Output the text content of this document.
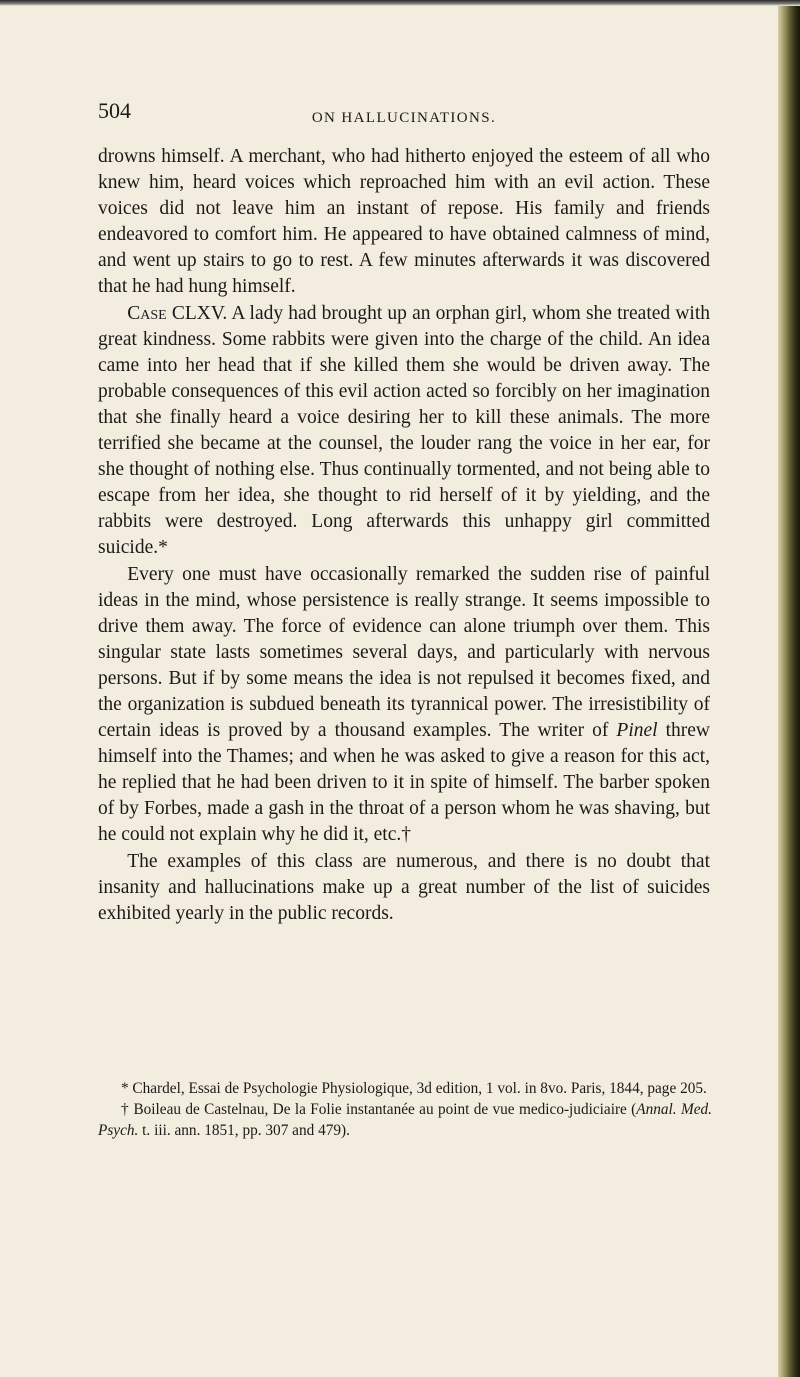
504	ON HALLUCINATIONS.

drowns himself. A merchant, who had hitherto enjoyed the esteem of all who knew him, heard voices which reproached him with an evil action. These voices did not leave him an instant of repose. His family and friends endeavored to comfort him. He appeared to have obtained calmness of mind, and went up stairs to go to rest. A few minutes afterwards it was discovered that he had hung himself.

Case CLXV. A lady had brought up an orphan girl, whom she treated with great kindness. Some rabbits were given into the charge of the child. An idea came into her head that if she killed them she would be driven away. The probable consequences of this evil action acted so forcibly on her imagination that she finally heard a voice desiring her to kill these animals. The more terrified she became at the counsel, the louder rang the voice in her ear, for she thought of nothing else. Thus continually tormented, and not being able to escape from her idea, she thought to rid herself of it by yielding, and the rabbits were destroyed. Long afterwards this unhappy girl committed suicide.*

Every one must have occasionally remarked the sudden rise of painful ideas in the mind, whose persistence is really strange. It seems impossible to drive them away. The force of evidence can alone triumph over them. This singular state lasts sometimes several days, and particularly with nervous persons. But if by some means the idea is not repulsed it becomes fixed, and the organization is subdued beneath its tyrannical power. The irresistibility of certain ideas is proved by a thousand examples. The writer of Pinel threw himself into the Thames; and when he was asked to give a reason for this act, he replied that he had been driven to it in spite of himself. The barber spoken of by Forbes, made a gash in the throat of a person whom he was shaving, but he could not explain why he did it, etc.†

The examples of this class are numerous, and there is no doubt that insanity and hallucinations make up a great number of the list of suicides exhibited yearly in the public records.

* Chardel, Essai de Psychologie Physiologique, 3d edition, 1 vol. in 8vo. Paris, 1844, page 205.

† Boileau de Castelnau, De la Folie instantanée au point de vue medico-judiciaire (Annal. Med. Psych. t. iii. ann. 1851, pp. 307 and 479).
